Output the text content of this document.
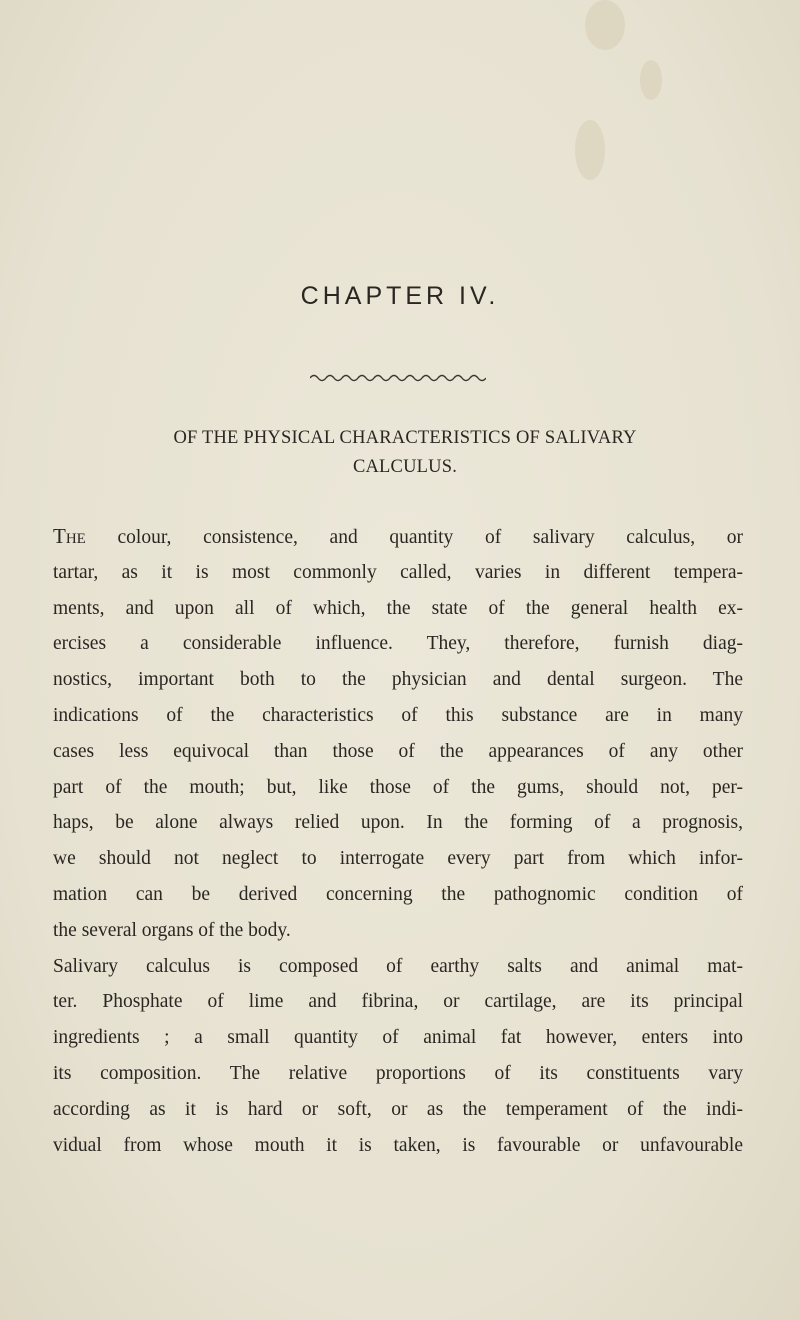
CHAPTER IV.
OF THE PHYSICAL CHARACTERISTICS OF SALIVARY
CALCULUS.
The colour, consistence, and quantity of salivary calculus, or
tartar, as it is most commonly called, varies in different tempera-
ments, and upon all of which, the state of the general health ex-
ercises a considerable influence. They, therefore, furnish diag-
nostics, important both to the physician and dental surgeon. The
indications of the characteristics of this substance are in many
cases less equivocal than those of the appearances of any other
part of the mouth; but, like those of the gums, should not, per-
haps, be alone always relied upon. In the forming of a prognosis,
we should not neglect to interrogate every part from which infor-
mation can be derived concerning the pathognomic condition of
the several organs of the body.
Salivary calculus is composed of earthy salts and animal mat-
ter. Phosphate of lime and fibrina, or cartilage, are its principal
ingredients ; a small quantity of animal fat however, enters into
its composition. The relative proportions of its constituents vary
according as it is hard or soft, or as the temperament of the indi-
vidual from whose mouth it is taken, is favourable or unfavourable
